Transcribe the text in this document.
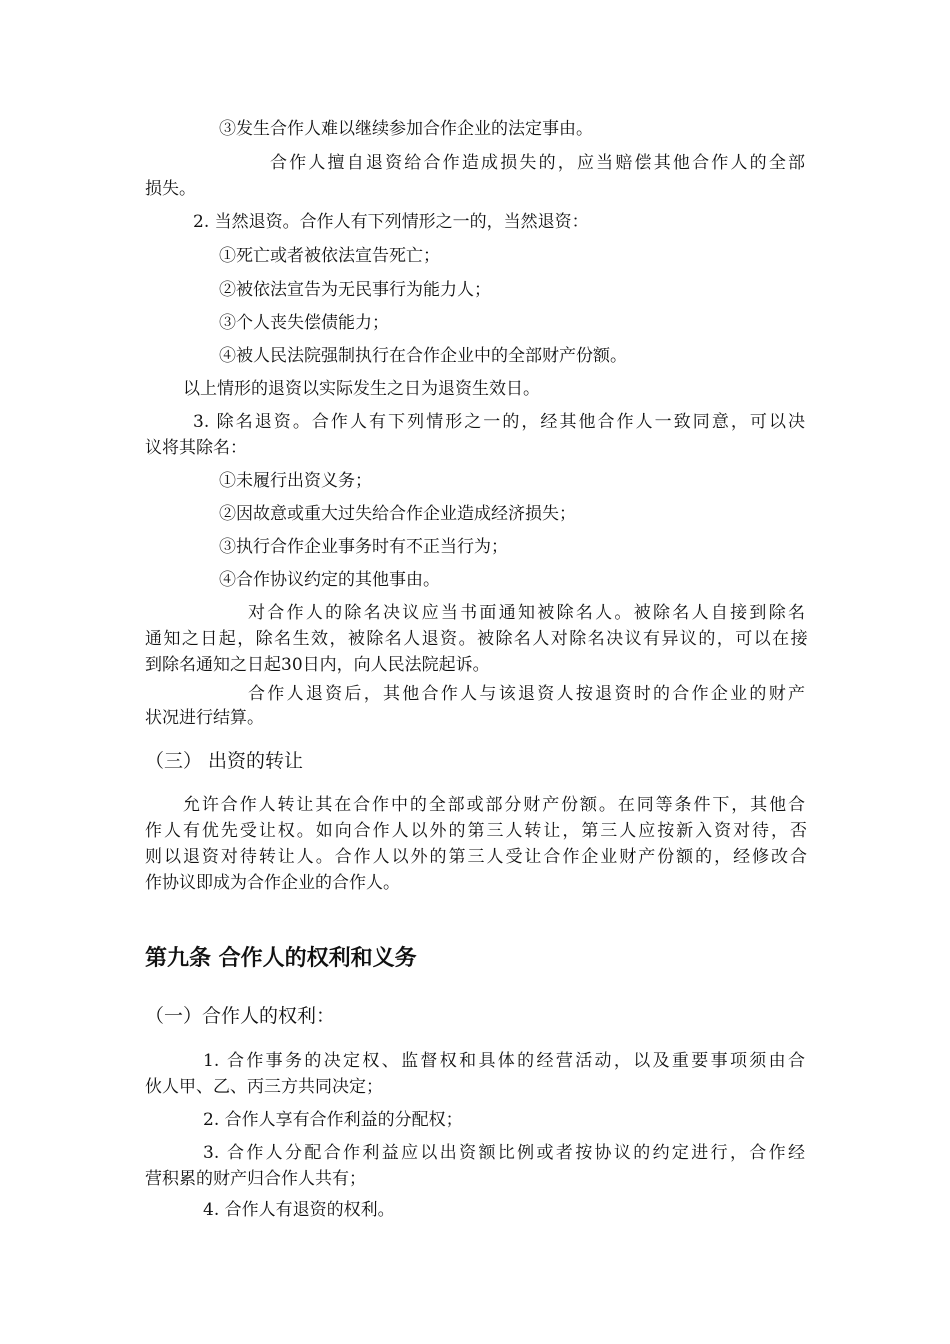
③发生合作人难以继续参加合作企业的法定事由。
合作人擅自退资给合作造成损失的，应当赔偿其他合作人的全部
损失。
2. 当然退资。合作人有下列情形之一的，当然退资：
①死亡或者被依法宣告死亡；
②被依法宣告为无民事行为能力人；
③个人丧失偿债能力；
④被人民法院强制执行在合作企业中的全部财产份额。
以上情形的退资以实际发生之日为退资生效日。
3. 除名退资。合作人有下列情形之一的，经其他合作人一致同意，可以决
议将其除名：
①未履行出资义务；
②因故意或重大过失给合作企业造成经济损失；
③执行合作企业事务时有不正当行为；
④合作协议约定的其他事由。
对合作人的除名决议应当书面通知被除名人。被除名人自接到除名
通知之日起，除名生效，被除名人退资。被除名人对除名决议有异议的，可以在接
到除名通知之日起30日内，向人民法院起诉。
合作人退资后，其他合作人与该退资人按退资时的合作企业的财产
状况进行结算。
（三） 出资的转让
允许合作人转让其在合作中的全部或部分财产份额。在同等条件下，其他合
作人有优先受让权。如向合作人以外的第三人转让，第三人应按新入资对待，否
则以退资对待转让人。合作人以外的第三人受让合作企业财产份额的，经修改合
作协议即成为合作企业的合作人。
第九条 合作人的权利和义务
（一）合作人的权利：
1. 合作事务的决定权、监督权和具体的经营活动，以及重要事项须由合
伙人甲、乙、丙三方共同决定；
2. 合作人享有合作利益的分配权；
3. 合作人分配合作利益应以出资额比例或者按协议的约定进行，合作经
营积累的财产归合作人共有；
4. 合作人有退资的权利。
